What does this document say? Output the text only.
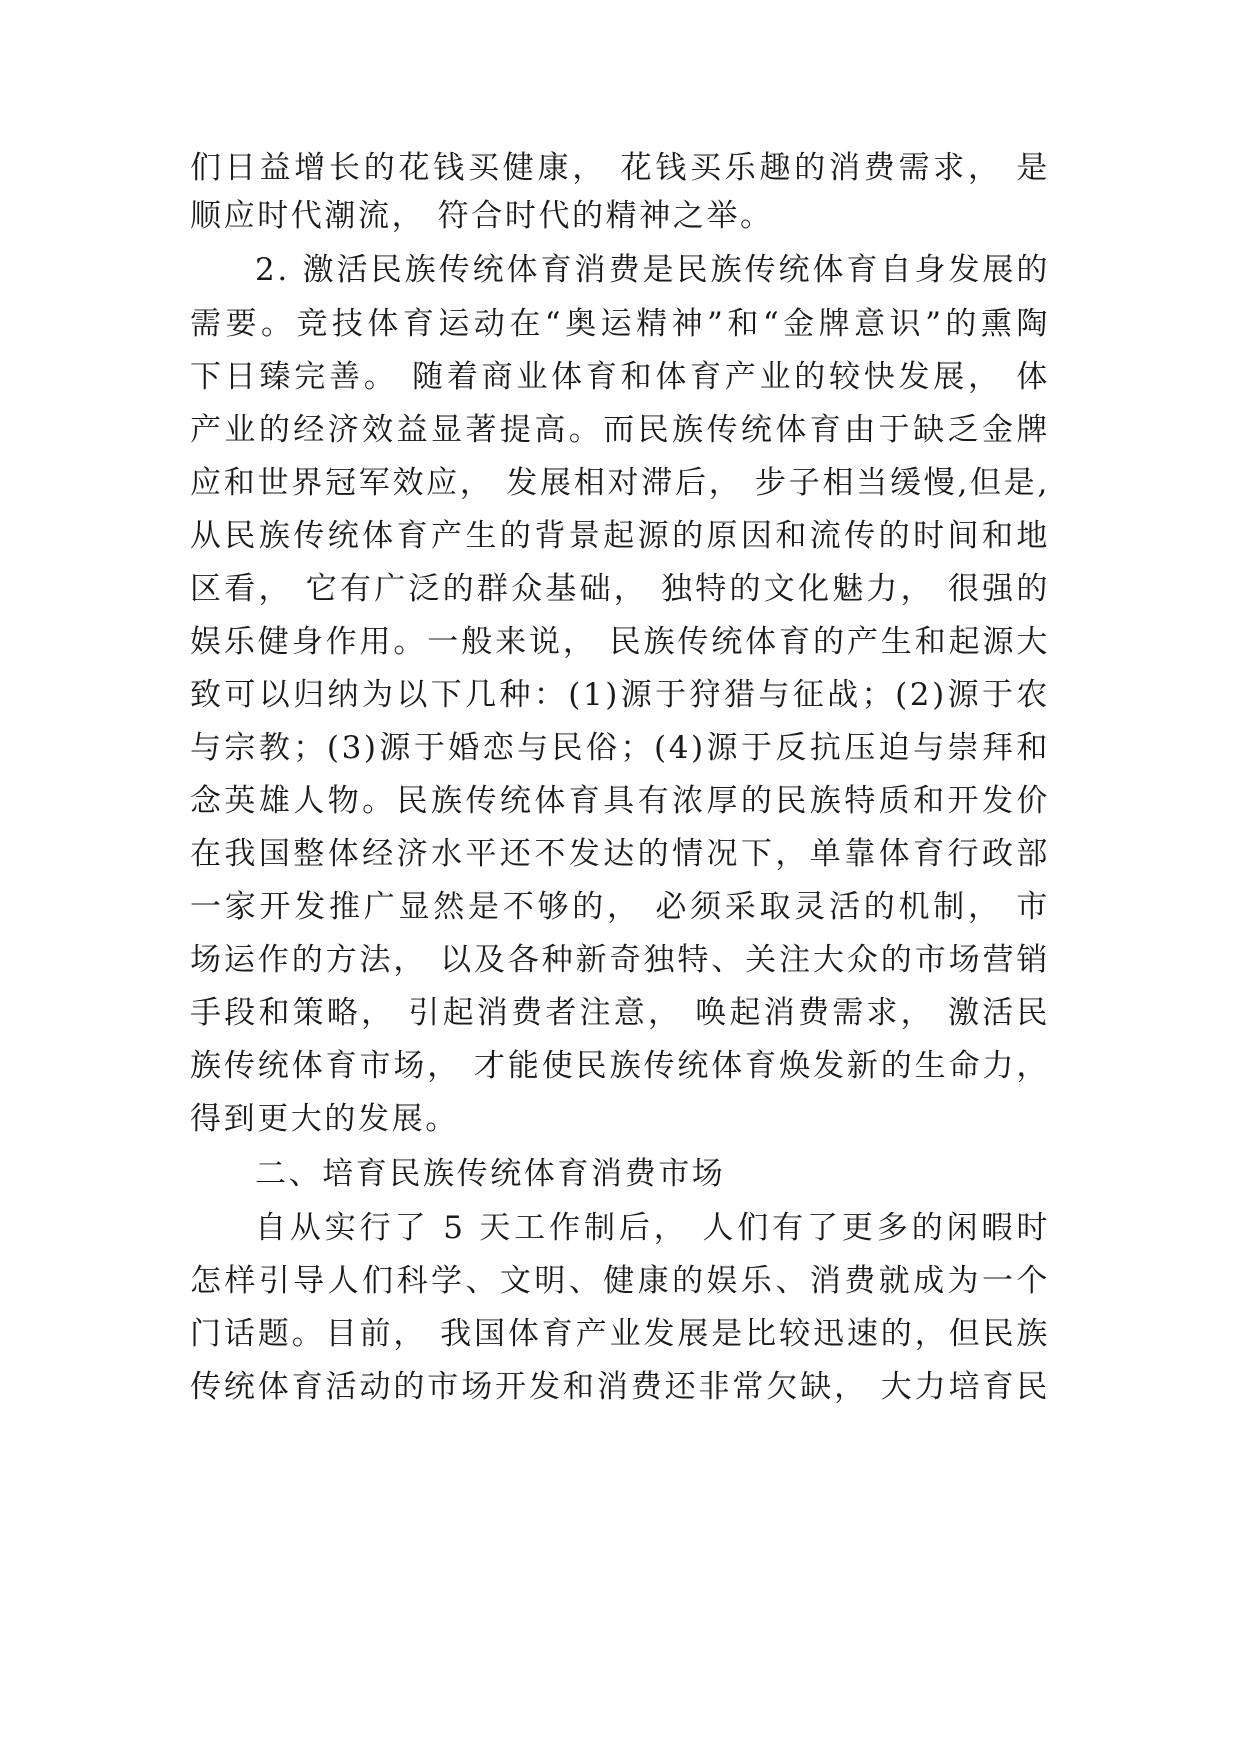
们日益增长的花钱买健康， 花钱买乐趣的消费需求， 是
顺应时代潮流， 符合时代的精神之举。
2. 激活民族传统体育消费是民族传统体育自身发展的
需要。竞技体育运动在“奥运精神”和“金牌意识”的熏陶
下日臻完善。 随着商业体育和体育产业的较快发展， 体
产业的经济效益显著提高。而民族传统体育由于缺乏金牌
应和世界冠军效应， 发展相对滞后， 步子相当缓慢,但是,
从民族传统体育产生的背景起源的原因和流传的时间和地
区看， 它有广泛的群众基础， 独特的文化魅力， 很强的
娱乐健身作用。一般来说， 民族传统体育的产生和起源大
致可以归纳为以下几种：(1)源于狩猎与征战；(2)源于农
与宗教；(3)源于婚恋与民俗；(4)源于反抗压迫与崇拜和
念英雄人物。民族传统体育具有浓厚的民族特质和开发价
在我国整体经济水平还不发达的情况下，单靠体育行政部
一家开发推广显然是不够的， 必须采取灵活的机制， 市
场运作的方法， 以及各种新奇独特、关注大众的市场营销
手段和策略， 引起消费者注意， 唤起消费需求， 激活民
族传统体育市场， 才能使民族传统体育焕发新的生命力，
得到更大的发展。
二、培育民族传统体育消费市场
自从实行了 5 天工作制后， 人们有了更多的闲暇时
怎样引导人们科学、文明、健康的娱乐、消费就成为一个
门话题。目前， 我国体育产业发展是比较迅速的，但民族
传统体育活动的市场开发和消费还非常欠缺， 大力培育民
